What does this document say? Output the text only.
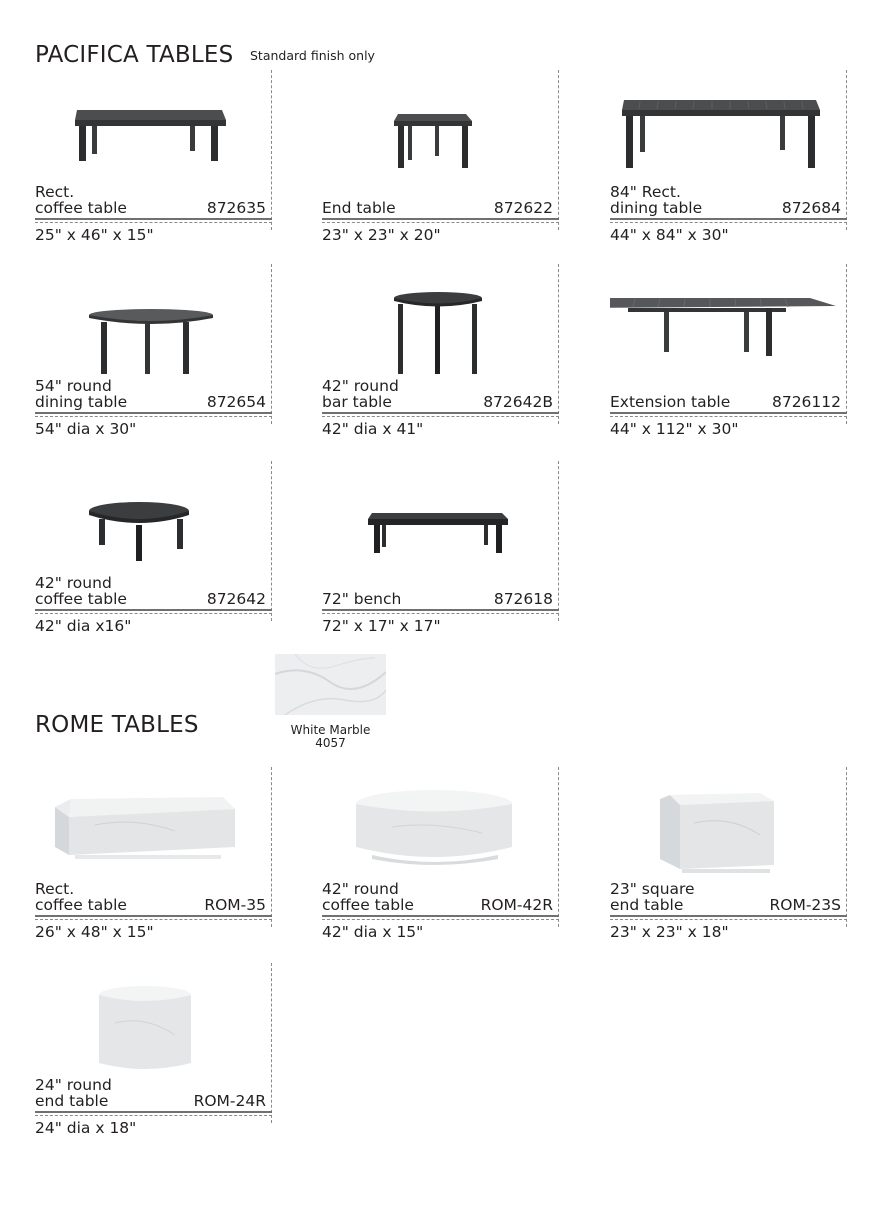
PACIFICA TABLES Standard finish only
Rect.
coffee table	872635
25" x 46" x 15"
End table	872622
23" x 23" x 20"
84" Rect.
dining table	872684
44" x 84" x 30"
54" round
dining table	872654
54" dia x 30"
42" round
bar table	872642B
42" dia x 41"
Extension table	8726112
44" x 112" x 30"
42" round
coffee table	872642
42" dia x16"
72" bench	872618
72" x 17" x 17"
White Marble
4057
ROME TABLES
Rect.
coffee table	ROM-35
26" x 48" x 15"
42" round
coffee table	ROM-42R
42" dia x 15"
23" square
end table	ROM-23S
23" x 23" x 18"
24" round
end table	ROM-24R
24" dia x 18"
